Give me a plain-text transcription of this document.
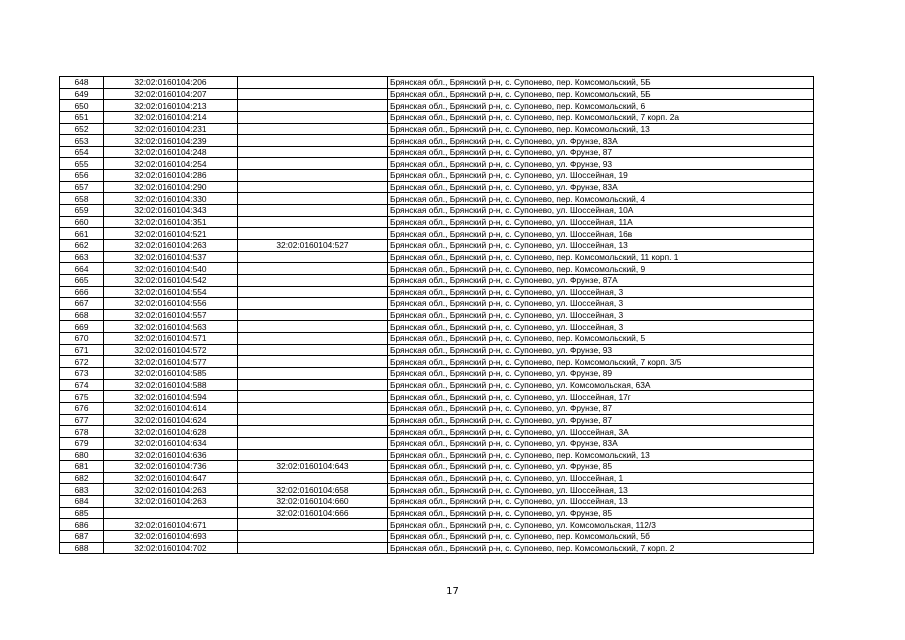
648	32:02:0160104:206		Брянская обл., Брянский р-н, с. Супонево, пер. Комсомольский, 5Б
649	32:02:0160104:207		Брянская обл., Брянский р-н, с. Супонево, пер. Комсомольский, 5Б
650	32:02:0160104:213		Брянская обл., Брянский р-н, с. Супонево, пер. Комсомольский, 6
651	32:02:0160104:214		Брянская обл., Брянский р-н, с. Супонево, пер. Комсомольский, 7 корп. 2а
652	32:02:0160104:231		Брянская обл., Брянский р-н, с. Супонево, пер. Комсомольский, 13
653	32:02:0160104:239		Брянская обл., Брянский р-н, с. Супонево, ул. Фрунзе, 83А
654	32:02:0160104:248		Брянская обл., Брянский р-н, с. Супонево, ул. Фрунзе, 87
655	32:02:0160104:254		Брянская обл., Брянский р-н, с. Супонево, ул. Фрунзе, 93
656	32:02:0160104:286		Брянская обл., Брянский р-н, с. Супонево, ул. Шоссейная, 19
657	32:02:0160104:290		Брянская обл., Брянский р-н, с. Супонево, ул. Фрунзе, 83А
658	32:02:0160104:330		Брянская обл., Брянский р-н, с. Супонево, пер. Комсомольский, 4
659	32:02:0160104:343		Брянская обл., Брянский р-н, с. Супонево, ул. Шоссейная, 10А
660	32:02:0160104:351		Брянская обл., Брянский р-н, с. Супонево, ул. Шоссейная, 11А
661	32:02:0160104:521		Брянская обл., Брянский р-н, с. Супонево, ул. Шоссейная, 16в
662	32:02:0160104:263	32:02:0160104:527	Брянская обл., Брянский р-н, с. Супонево, ул. Шоссейная, 13
663	32:02:0160104:537		Брянская обл., Брянский р-н, с. Супонево, пер. Комсомольский, 11 корп. 1
664	32:02:0160104:540		Брянская обл., Брянский р-н, с. Супонево, пер. Комсомольский, 9
665	32:02:0160104:542		Брянская обл., Брянский р-н, с. Супонево, ул. Фрунзе, 87А
666	32:02:0160104:554		Брянская обл., Брянский р-н, с. Супонево, ул. Шоссейная, 3
667	32:02:0160104:556		Брянская обл., Брянский р-н, с. Супонево, ул. Шоссейная, 3
668	32:02:0160104:557		Брянская обл., Брянский р-н, с. Супонево, ул. Шоссейная, 3
669	32:02:0160104:563		Брянская обл., Брянский р-н, с. Супонево, ул. Шоссейная, 3
670	32:02:0160104:571		Брянская обл., Брянский р-н, с. Супонево, пер. Комсомольский, 5
671	32:02:0160104:572		Брянская обл., Брянский р-н, с. Супонево, ул. Фрунзе, 93
672	32:02:0160104:577		Брянская обл., Брянский р-н, с. Супонево, пер. Комсомольский, 7 корп. 3/5
673	32:02:0160104:585		Брянская обл., Брянский р-н, с. Супонево, ул. Фрунзе, 89
674	32:02:0160104:588		Брянская обл., Брянский р-н, с. Супонево, ул. Комсомольская, 63А
675	32:02:0160104:594		Брянская обл., Брянский р-н, с. Супонево, ул. Шоссейная, 17г
676	32:02:0160104:614		Брянская обл., Брянский р-н, с. Супонево, ул. Фрунзе, 87
677	32:02:0160104:624		Брянская обл., Брянский р-н, с. Супонево, ул. Фрунзе, 87
678	32:02:0160104:628		Брянская обл., Брянский р-н, с. Супонево, ул. Шоссейная, 3А
679	32:02:0160104:634		Брянская обл., Брянский р-н, с. Супонево, ул. Фрунзе, 83А
680	32:02:0160104:636		Брянская обл., Брянский р-н, с. Супонево, пер. Комсомольский, 13
681	32:02:0160104:736	32:02:0160104:643	Брянская обл., Брянский р-н, с. Супонево, ул. Фрунзе, 85
682	32:02:0160104:647		Брянская обл., Брянский р-н, с. Супонево, ул. Шоссейная, 1
683	32:02:0160104:263	32:02:0160104:658	Брянская обл., Брянский р-н, с. Супонево, ул. Шоссейная, 13
684	32:02:0160104:263	32:02:0160104:660	Брянская обл., Брянский р-н, с. Супонево, ул. Шоссейная, 13
685		32:02:0160104:666	Брянская обл., Брянский р-н, с. Супонево, ул. Фрунзе, 85
686	32:02:0160104:671		Брянская обл., Брянский р-н, с. Супонево, ул. Комсомольская, 112/3
687	32:02:0160104:693		Брянская обл., Брянский р-н, с. Супонево, пер. Комсомольский, 5б
688	32:02:0160104:702		Брянская обл., Брянский р-н, с. Супонево, пер. Комсомольский, 7 корп. 2
17
